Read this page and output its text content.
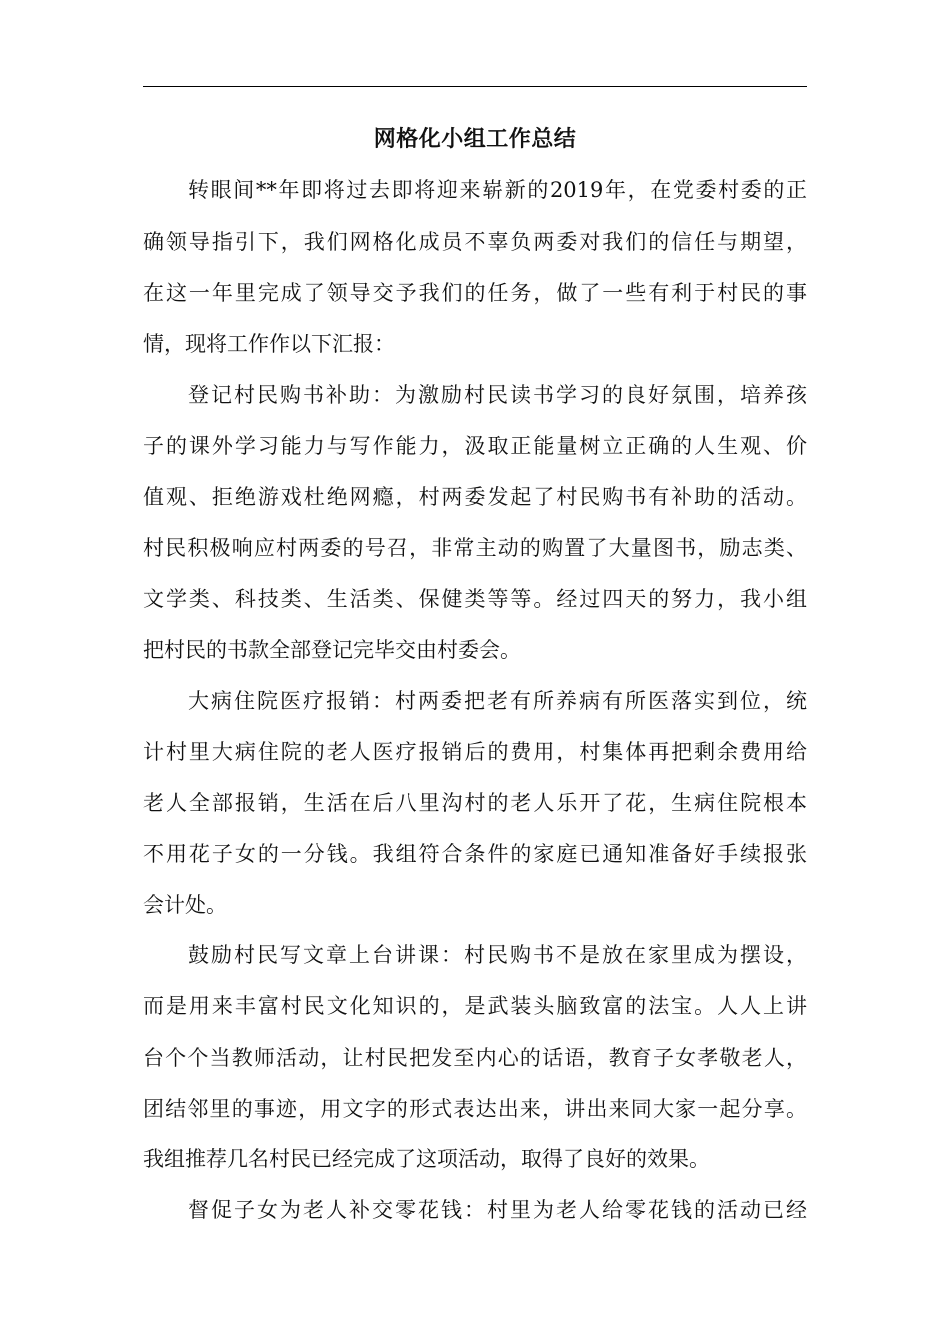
网格化小组工作总结
转眼间**年即将过去即将迎来崭新的2019年，在党委村委的正
确领导指引下，我们网格化成员不辜负两委对我们的信任与期望，
在这一年里完成了领导交予我们的任务，做了一些有利于村民的事
情，现将工作作以下汇报：
登记村民购书补助：为激励村民读书学习的良好氛围，培养孩
子的课外学习能力与写作能力，汲取正能量树立正确的人生观、价
值观、拒绝游戏杜绝网瘾，村两委发起了村民购书有补助的活动。
村民积极响应村两委的号召，非常主动的购置了大量图书，励志类、
文学类、科技类、生活类、保健类等等。经过四天的努力，我小组
把村民的书款全部登记完毕交由村委会。
大病住院医疗报销：村两委把老有所养病有所医落实到位，统
计村里大病住院的老人医疗报销后的费用，村集体再把剩余费用给
老人全部报销，生活在后八里沟村的老人乐开了花，生病住院根本
不用花子女的一分钱。我组符合条件的家庭已通知准备好手续报张
会计处。
鼓励村民写文章上台讲课：村民购书不是放在家里成为摆设，
而是用来丰富村民文化知识的，是武装头脑致富的法宝。人人上讲
台个个当教师活动，让村民把发至内心的话语，教育子女孝敬老人，
团结邻里的事迹，用文字的形式表达出来，讲出来同大家一起分享。
我组推荐几名村民已经完成了这项活动，取得了良好的效果。
督促子女为老人补交零花钱：村里为老人给零花钱的活动已经
